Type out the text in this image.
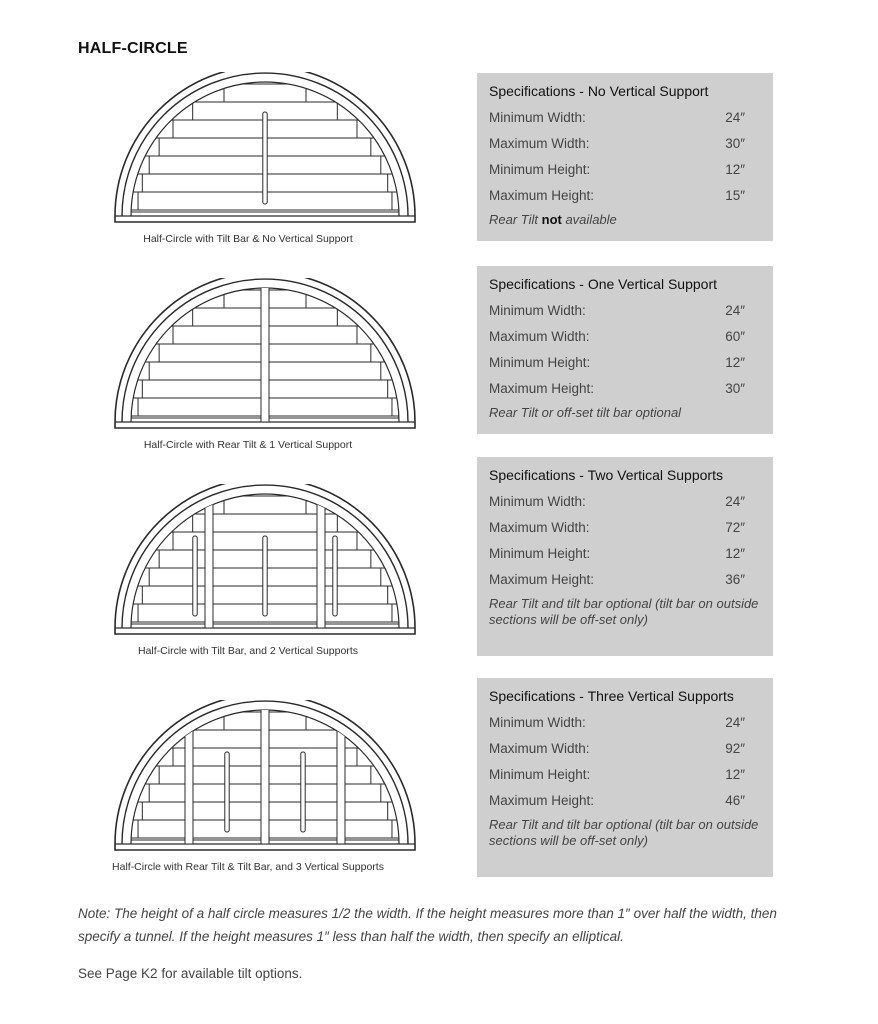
HALF-CIRCLE
Half-Circle with Tilt Bar & No Vertical Support
Specifications - No Vertical Support
Minimum Width:	24″
Maximum Width:	30″
Minimum Height:	12″
Maximum Height:	15″
Rear Tilt not available
Half-Circle with Rear Tilt & 1 Vertical Support
Specifications - One Vertical Support
Minimum Width:	24″
Maximum Width:	60″
Minimum Height:	12″
Maximum Height:	30″
Rear Tilt or off-set tilt bar optional
Half-Circle with Tilt Bar, and 2 Vertical Supports
Specifications - Two Vertical Supports
Minimum Width:	24″
Maximum Width:	72″
Minimum Height:	12″
Maximum Height:	36″
Rear Tilt and tilt bar optional (tilt bar on outside sections will be off-set only)
Half-Circle with Rear Tilt & Tilt Bar, and 3 Vertical Supports
Specifications - Three Vertical Supports
Minimum Width:	24″
Maximum Width:	92″
Minimum Height:	12″
Maximum Height:	46″
Rear Tilt and tilt bar optional (tilt bar on outside sections will be off-set only)
Note: The height of a half circle measures 1/2 the width. If the height measures more than 1″ over half the width, then specify a tunnel. If the height measures 1″ less than half the width, then specify an elliptical.
See Page K2 for available tilt options.
